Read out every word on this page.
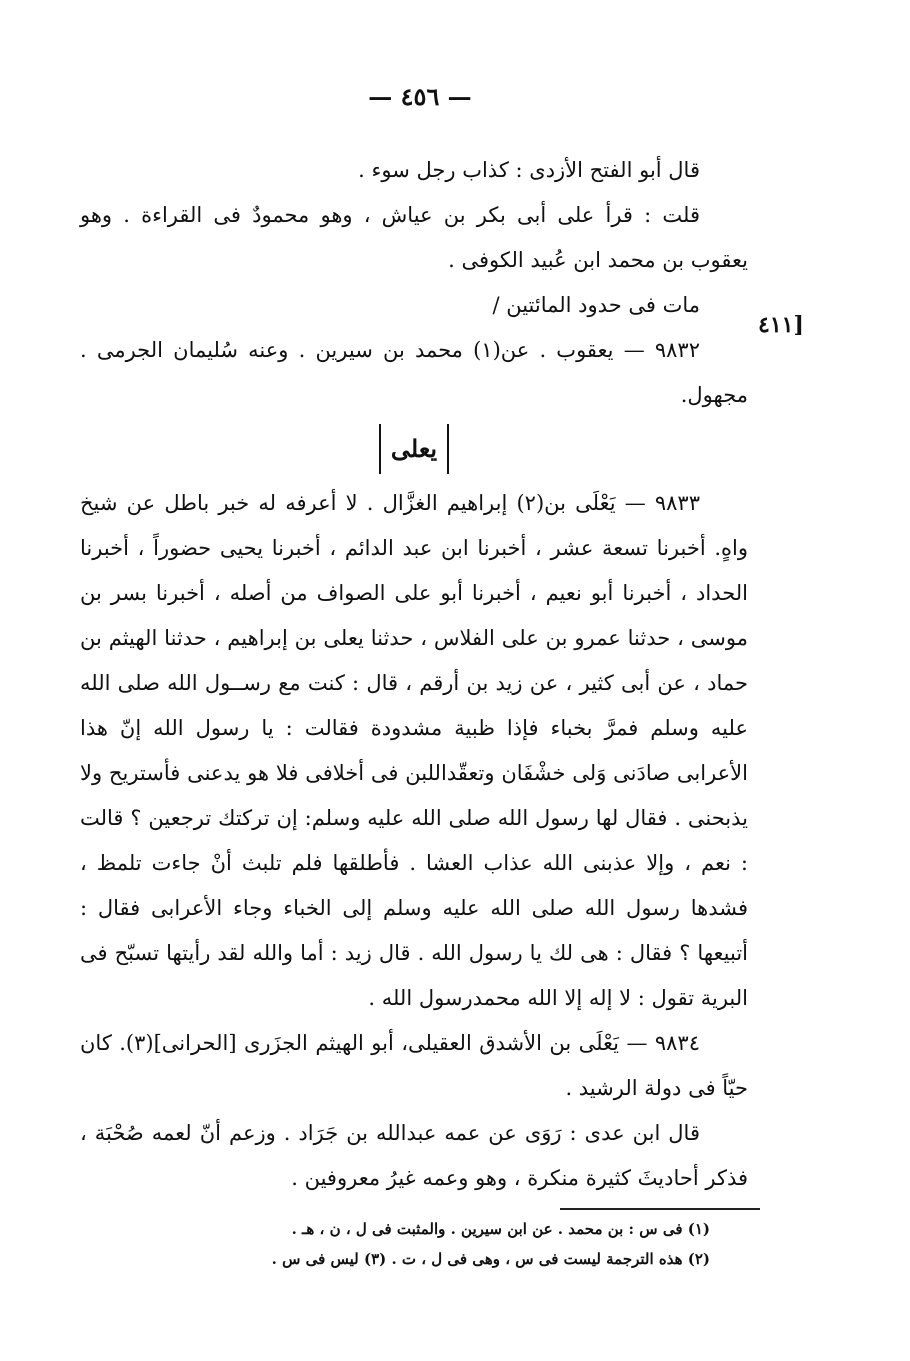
— ٤٥٦ —
[٤١١

قال أبو الفتح الأزدى : كذاب رجل سوء .

قلت : قرأ على أبى بكر بن عياش ، وهو محمودٌ فى القراءة . وهو يعقوب بن محمد ابن عُبيد الكوفى .

مات فى حدود المائتين /

٩٨٣٢ — يعقوب . عن(١) محمد بن سيرين . وعنه سُليمان الجرمى . مجهول.

يعلى

٩٨٣٣ — يَعْلَى بن(٢) إبراهيم الغزَّال . لا أعرفه له خبر باطل عن شيخ واهٍ. أخبرنا تسعة عشر ، أخبرنا ابن عبد الدائم ، أخبرنا يحيى حضوراً ، أخبرنا الحداد ، أخبرنا أبو نعيم ، أخبرنا أبو على الصواف من أصله ، أخبرنا بسر بن موسى ، حدثنا عمرو بن على الفلاس ، حدثنا يعلى بن إبراهيم ، حدثنا الهيثم بن حماد ، عن أبى كثير ، عن زيد بن أرقم ، قال : كنت مع رســول الله صلى الله عليه وسلم فمرَّ بخباء فإذا ظبية مشدودة فقالت : يا رسول الله إنّ هذا الأعرابى صادَنى وَلى خشْفَان وتعقّداللبن فى أخلافى فلا هو يدعنى فأستريح ولا يذبحنى . فقال لها رسول الله صلى الله عليه وسلم: إن تركتك ترجعين ؟ قالت : نعم ، وإلا عذبنى الله عذاب العشا . فأطلقها فلم تلبث أنْ جاءت تلمظ ، فشدها رسول الله صلى الله عليه وسلم إلى الخباء وجاء الأعرابى فقال : أتبيعها ؟ فقال : هى لك يا رسول الله . قال زيد : أما والله لقد رأيتها تسبّح فى البرية تقول : لا إله إلا الله محمدرسول الله .

٩٨٣٤ — يَعْلَى بن الأشدق العقيلى، أبو الهيثم الجزَرى [الحرانى](٣). كان حيّاً فى دولة الرشيد .

قال ابن عدى : رَوَى عن عمه عبدالله بن جَرَاد . وزعم أنّ لعمه صُحْبَة ، فذكر أحاديثَ كثيرة منكرة ، وهو وعمه غيرُ معروفين .

(١) فى س : بن محمد . عن ابن سيرين . والمثبت فى ل ، ن ، هـ .

(٢) هذه الترجمة ليست فى س ، وهى فى ل ، ت . (٣) ليس فى س .
